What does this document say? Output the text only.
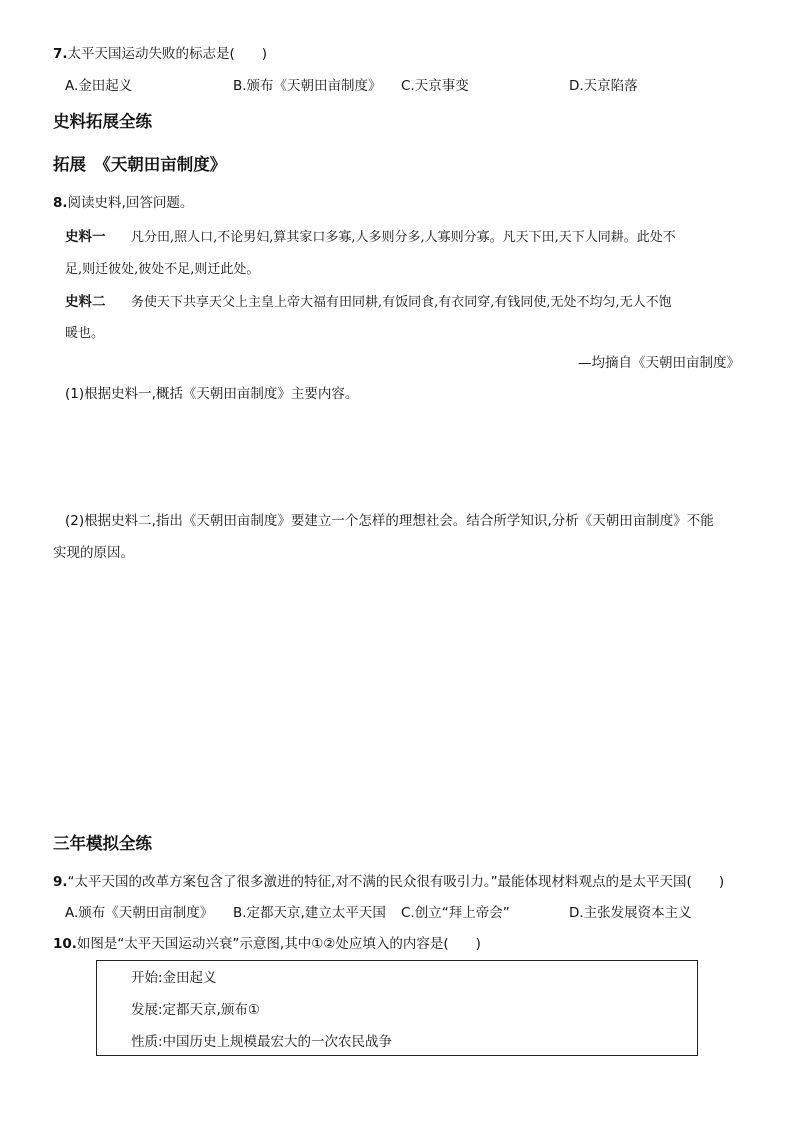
7.太平天国运动失败的标志是(　　)
A.金田起义	B.颁布《天朝田亩制度》 C.天京事变	D.天京陷落
史料拓展全练
拓展　《天朝田亩制度》
8.阅读史料,回答问题。
史料一 凡分田,照人口,不论男妇,算其家口多寡,人多则分多,人寡则分寡。凡天下田,天下人同耕。此处不
足,则迁彼处,彼处不足,则迁此处。
史料二 务使天下共享天父上主皇上帝大福有田同耕,有饭同食,有衣同穿,有钱同使,无处不均匀,无人不饱
暖也。
—均摘自《天朝田亩制度》
(1)根据史料一,概括《天朝田亩制度》主要内容。
(2)根据史料二,指出《天朝田亩制度》要建立一个怎样的理想社会。结合所学知识,分析《天朝田亩制度》不能
实现的原因。
三年模拟全练
9.“太平天国的改革方案包含了很多激进的特征,对不满的民众很有吸引力。”最能体现材料观点的是太平天国(　　)
A.颁布《天朝田亩制度》 B.定都天京,建立太平天国 C.创立“拜上帝会”	D.主张发展资本主义
10.如图是“太平天国运动兴衰”示意图,其中①②处应填入的内容是(　　)
开始:金田起义
发展:定都天京,颁布①
性质:中国历史上规模最宏大的一次农民战争
